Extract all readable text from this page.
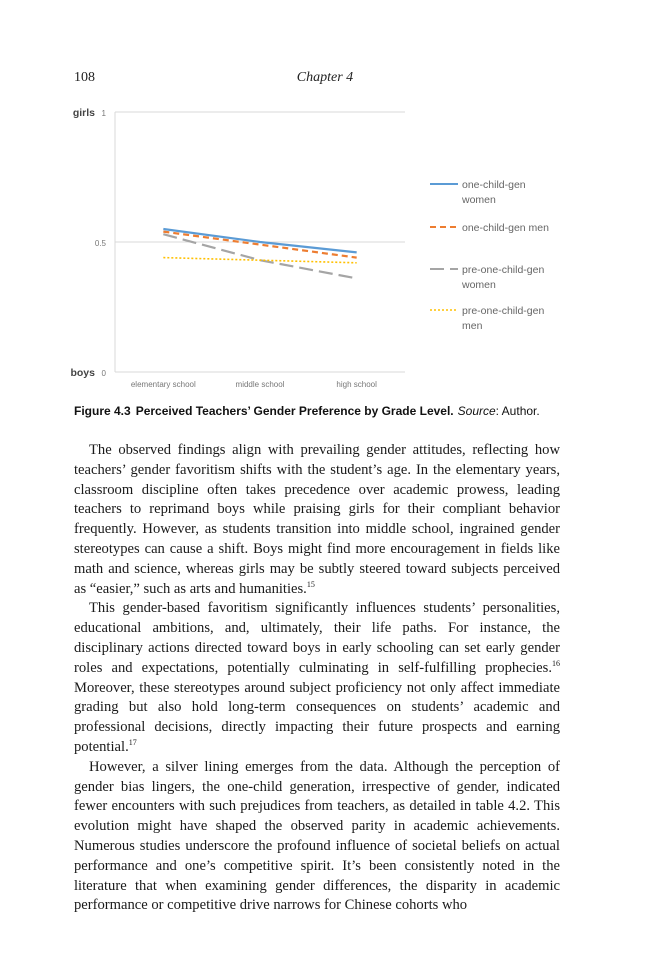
108	Chapter 4
girls 1
0.5
boys 0
elementary school	middle school	high school
one-child-gen women
one-child-gen men
pre-one-child-gen women
pre-one-child-gen men
Figure 4.3 Perceived Teachers’ Gender Preference by Grade Level. Source: Author.

The observed findings align with prevailing gender attitudes, reflecting how teachers’ gender favoritism shifts with the student’s age. In the elementary years, classroom discipline often takes precedence over academic prowess, leading teachers to reprimand boys while praising girls for their compliant behavior frequently. However, as students transition into middle school, ingrained gender stereotypes can cause a shift. Boys might find more encouragement in fields like math and science, whereas girls may be subtly steered toward subjects perceived as “easier,” such as arts and humanities.$^{15}$

This gender-based favoritism significantly influences students’ personalities, educational ambitions, and, ultimately, their life paths. For instance, the disciplinary actions directed toward boys in early schooling can set early gender roles and expectations, potentially culminating in self-fulfilling prophecies.$^{16}$ Moreover, these stereotypes around subject proficiency not only affect immediate grading but also hold long-term consequences on students’ academic and professional decisions, directly impacting their future prospects and earning potential.$^{17}$

However, a silver lining emerges from the data. Although the perception of gender bias lingers, the one-child generation, irrespective of gender, indicated fewer encounters with such prejudices from teachers, as detailed in table 4.2. This evolution might have shaped the observed parity in academic achievements. Numerous studies underscore the profound influence of societal beliefs on actual performance and one’s competitive spirit. It’s been consistently noted in the literature that when examining gender differences, the disparity in academic performance or competitive drive narrows for Chinese cohorts who
